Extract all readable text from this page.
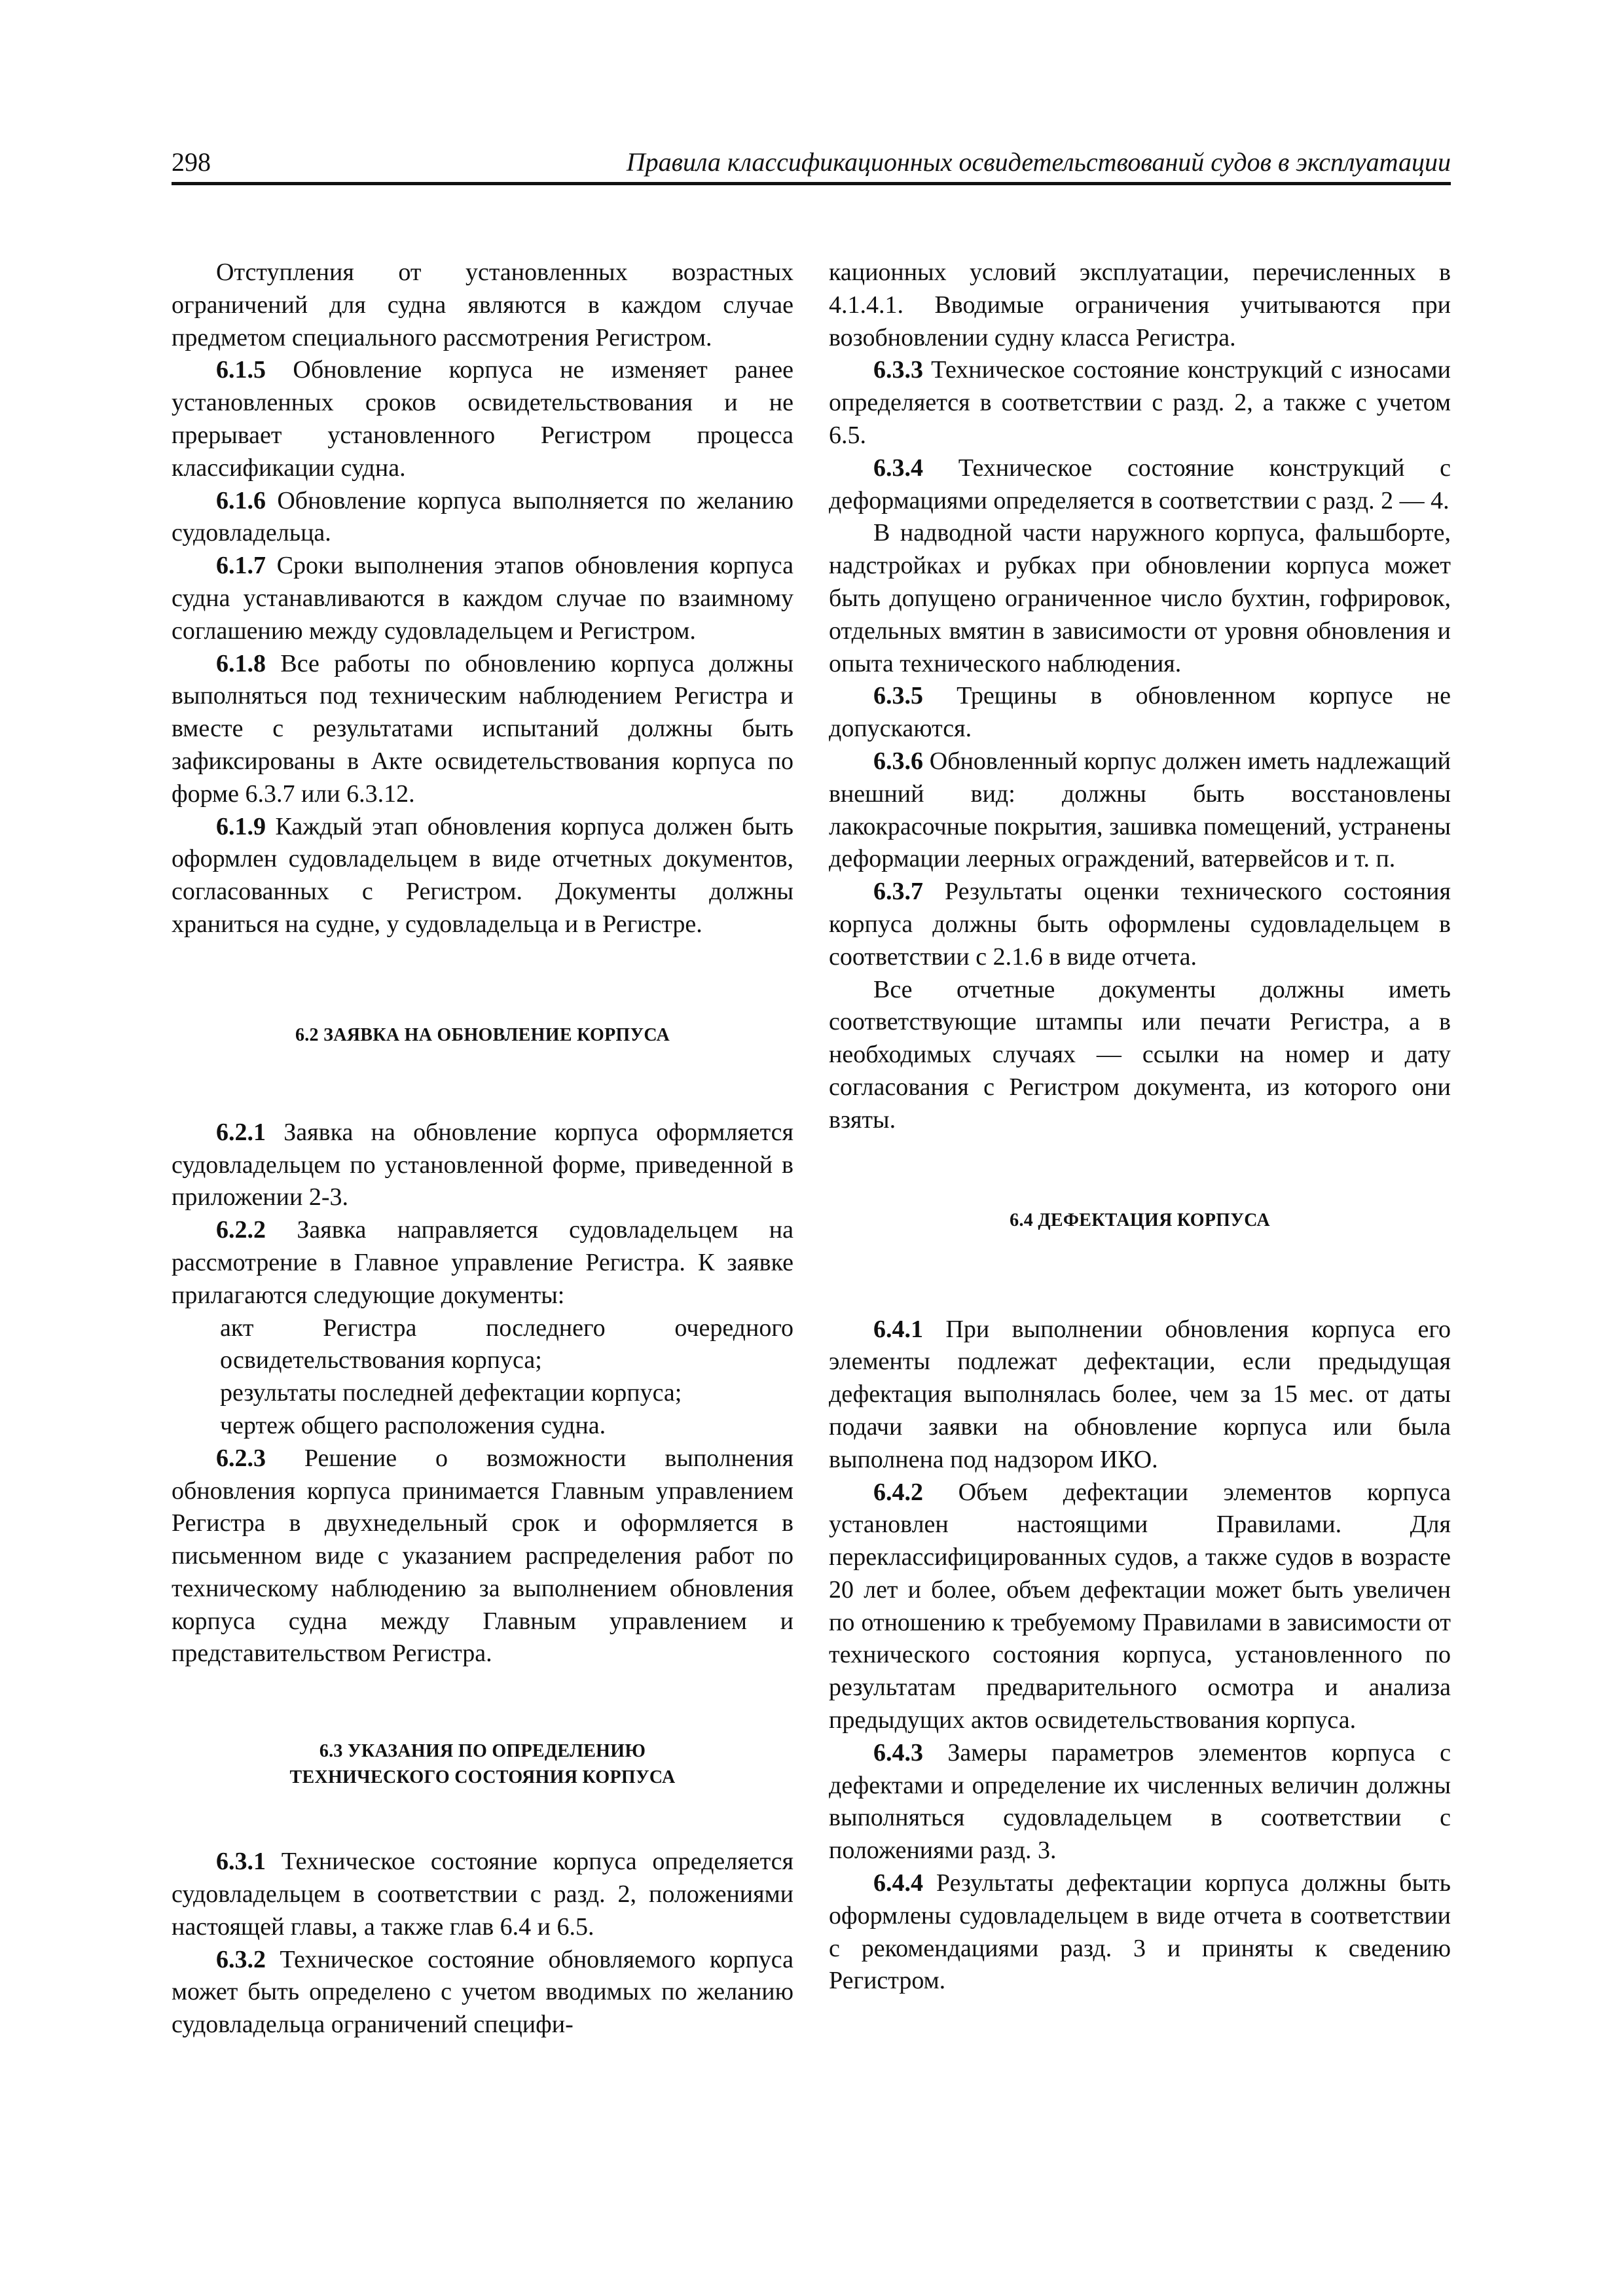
298	Правила классификационных освидетельствований судов в эксплуатации

Отступления от установленных возрастных ограничений для судна являются в каждом случае предметом специального рассмотрения Регистром.

6.1.5 Обновление корпуса не изменяет ранее установленных сроков освидетельствования и не прерывает установленного Регистром процесса классификации судна.

6.1.6 Обновление корпуса выполняется по желанию судовладельца.

6.1.7 Сроки выполнения этапов обновления корпуса судна устанавливаются в каждом случае по взаимному соглашению между судовладельцем и Регистром.

6.1.8 Все работы по обновлению корпуса должны выполняться под техническим наблюдением Регистра и вместе с результатами испытаний должны быть зафиксированы в Акте освидетельствования корпуса по форме 6.3.7 или 6.3.12.

6.1.9 Каждый этап обновления корпуса должен быть оформлен судовладельцем в виде отчетных документов, согласованных с Регистром. Документы должны храниться на судне, у судовладельца и в Регистре.

6.2 ЗАЯВКА НА ОБНОВЛЕНИЕ КОРПУСА

6.2.1 Заявка на обновление корпуса оформляется судовладельцем по установленной форме, приведенной в приложении 2-3.

6.2.2 Заявка направляется судовладельцем на рассмотрение в Главное управление Регистра. К заявке прилагаются следующие документы:

акт Регистра последнего очередного освидетельствования корпуса;

результаты последней дефектации корпуса;

чертеж общего расположения судна.

6.2.3 Решение о возможности выполнения обновления корпуса принимается Главным управлением Регистра в двухнедельный срок и оформляется в письменном виде с указанием распределения работ по техническому наблюдению за выполнением обновления корпуса судна между Главным управлением и представительством Регистра.

6.3 УКАЗАНИЯ ПО ОПРЕДЕЛЕНИЮ
ТЕХНИЧЕСКОГО СОСТОЯНИЯ КОРПУСА

6.3.1 Техническое состояние корпуса определяется судовладельцем в соответствии с разд. 2, положениями настоящей главы, а также глав 6.4 и 6.5.

6.3.2 Техническое состояние обновляемого корпуса может быть определено с учетом вводимых по желанию судовладельца ограничений специфи-

кационных условий эксплуатации, перечисленных в 4.1.4.1. Вводимые ограничения учитываются при возобновлении судну класса Регистра.

6.3.3 Техническое состояние конструкций с износами определяется в соответствии с разд. 2, а также с учетом 6.5.

6.3.4 Техническое состояние конструкций с деформациями определяется в соответствии с разд. 2 — 4.

В надводной части наружного корпуса, фальшборте, надстройках и рубках при обновлении корпуса может быть допущено ограниченное число бухтин, гофрировок, отдельных вмятин в зависимости от уровня обновления и опыта технического наблюдения.

6.3.5 Трещины в обновленном корпусе не допускаются.

6.3.6 Обновленный корпус должен иметь надлежащий внешний вид: должны быть восстановлены лакокрасочные покрытия, зашивка помещений, устранены деформации леерных ограждений, ватервейсов и т. п.

6.3.7 Результаты оценки технического состояния корпуса должны быть оформлены судовладельцем в соответствии с 2.1.6 в виде отчета.

Все отчетные документы должны иметь соответствующие штампы или печати Регистра, а в необходимых случаях — ссылки на номер и дату согласования с Регистром документа, из которого они взяты.

6.4 ДЕФЕКТАЦИЯ КОРПУСА

6.4.1 При выполнении обновления корпуса его элементы подлежат дефектации, если предыдущая дефектация выполнялась более, чем за 15 мес. от даты подачи заявки на обновление корпуса или была выполнена под надзором ИКО.

6.4.2 Объем дефектации элементов корпуса установлен настоящими Правилами. Для переклассифицированных судов, а также судов в возрасте 20 лет и более, объем дефектации может быть увеличен по отношению к требуемому Правилами в зависимости от технического состояния корпуса, установленного по результатам предварительного осмотра и анализа предыдущих актов освидетельствования корпуса.

6.4.3 Замеры параметров элементов корпуса с дефектами и определение их численных величин должны выполняться судовладельцем в соответствии с положениями разд. 3.

6.4.4 Результаты дефектации корпуса должны быть оформлены судовладельцем в виде отчета в соответствии с рекомендациями разд. 3 и приняты к сведению Регистром.
